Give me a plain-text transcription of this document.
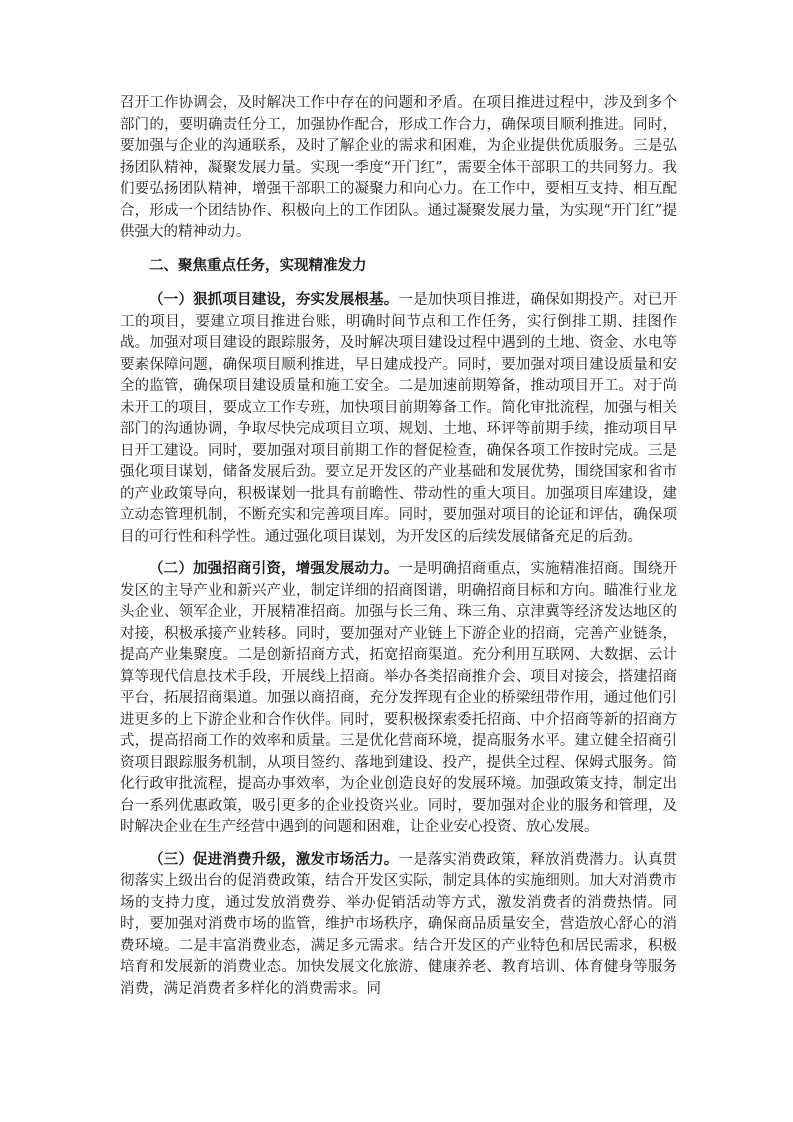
召开工作协调会，及时解决工作中存在的问题和矛盾。在项目推进过程中，涉及到多个部门的，要明确责任分工，加强协作配合，形成工作合力，确保项目顺利推进。同时，要加强与企业的沟通联系，及时了解企业的需求和困难，为企业提供优质服务。三是弘扬团队精神，凝聚发展力量。实现一季度“开门红”，需要全体干部职工的共同努力。我们要弘扬团队精神，增强干部职工的凝聚力和向心力。在工作中，要相互支持、相互配合，形成一个团结协作、积极向上的工作团队。通过凝聚发展力量，为实现“开门红”提供强大的精神动力。

二、聚焦重点任务，实现精准发力

（一）狠抓项目建设，夯实发展根基。一是加快项目推进，确保如期投产。对已开工的项目，要建立项目推进台账，明确时间节点和工作任务，实行倒排工期、挂图作战。加强对项目建设的跟踪服务，及时解决项目建设过程中遇到的土地、资金、水电等要素保障问题，确保项目顺利推进，早日建成投产。同时，要加强对项目建设质量和安全的监管，确保项目建设质量和施工安全。二是加速前期筹备，推动项目开工。对于尚未开工的项目，要成立工作专班，加快项目前期筹备工作。简化审批流程，加强与相关部门的沟通协调，争取尽快完成项目立项、规划、土地、环评等前期手续，推动项目早日开工建设。同时，要加强对项目前期工作的督促检查，确保各项工作按时完成。三是强化项目谋划，储备发展后劲。要立足开发区的产业基础和发展优势，围绕国家和省市的产业政策导向，积极谋划一批具有前瞻性、带动性的重大项目。加强项目库建设，建立动态管理机制，不断充实和完善项目库。同时，要加强对项目的论证和评估，确保项目的可行性和科学性。通过强化项目谋划，为开发区的后续发展储备充足的后劲。

（二）加强招商引资，增强发展动力。一是明确招商重点，实施精准招商。围绕开发区的主导产业和新兴产业，制定详细的招商图谱，明确招商目标和方向。瞄准行业龙头企业、领军企业，开展精准招商。加强与长三角、珠三角、京津冀等经济发达地区的对接，积极承接产业转移。同时，要加强对产业链上下游企业的招商，完善产业链条，提高产业集聚度。二是创新招商方式，拓宽招商渠道。充分利用互联网、大数据、云计算等现代信息技术手段，开展线上招商。举办各类招商推介会、项目对接会，搭建招商平台，拓展招商渠道。加强以商招商，充分发挥现有企业的桥梁纽带作用，通过他们引进更多的上下游企业和合作伙伴。同时，要积极探索委托招商、中介招商等新的招商方式，提高招商工作的效率和质量。三是优化营商环境，提高服务水平。建立健全招商引资项目跟踪服务机制，从项目签约、落地到建设、投产，提供全过程、保姆式服务。简化行政审批流程，提高办事效率，为企业创造良好的发展环境。加强政策支持，制定出台一系列优惠政策，吸引更多的企业投资兴业。同时，要加强对企业的服务和管理，及时解决企业在生产经营中遇到的问题和困难，让企业安心投资、放心发展。

（三）促进消费升级，激发市场活力。一是落实消费政策，释放消费潜力。认真贯彻落实上级出台的促消费政策，结合开发区实际，制定具体的实施细则。加大对消费市场的支持力度，通过发放消费券、举办促销活动等方式，激发消费者的消费热情。同时，要加强对消费市场的监管，维护市场秩序，确保商品质量安全，营造放心舒心的消费环境。二是丰富消费业态，满足多元需求。结合开发区的产业特色和居民需求，积极培育和发展新的消费业态。加快发展文化旅游、健康养老、教育培训、体育健身等服务消费，满足消费者多样化的消费需求。同
